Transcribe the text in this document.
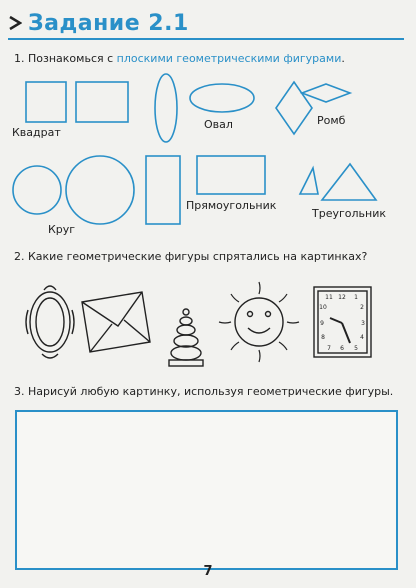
Задание 2.1
1. Познакомься с плоскими геометрическими фигурами.
12 1
2
3
4
5
6
7
8
9
10
11
Квадрат
Овал	Ромб
Круг
Прямоугольник
Треугольник
2. Какие геометрические фигуры спрятались на картинках?
3. Нарисуй любую картинку, используя геометрические фигуры.
7
